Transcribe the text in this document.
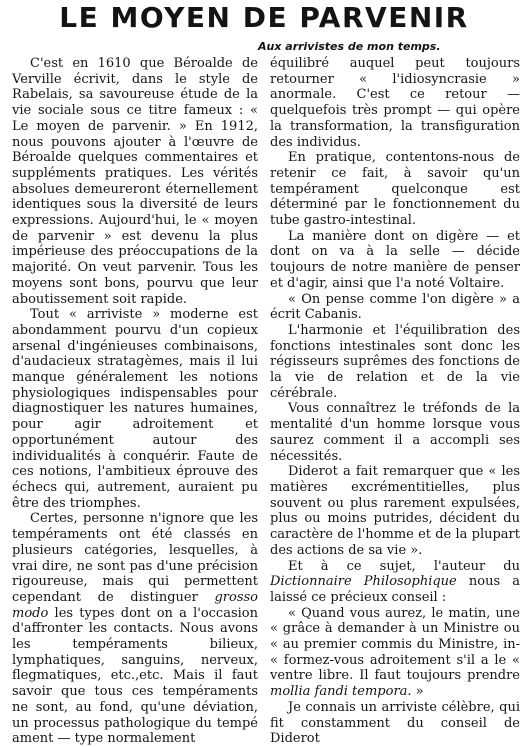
LE MOYEN DE PARVENIR
Aux arrivistes de mon temps.

C'est en 1610 que Béroalde de Verville écrivit, dans le style de Rabelais, sa savoureuse étude de la vie sociale sous ce titre fameux : « Le moyen de parvenir. » En 1912, nous pouvons ajouter à l'œuvre de Béroalde quelques commentaires et suppléments pratiques. Les vérités absolues demeureront éternellement identiques sous la diversité de leurs expressions. Aujourd'hui, le « moyen de parvenir » est devenu la plus impérieuse des préoccupations de la majorité. On veut parvenir. Tous les moyens sont bons, pourvu que leur aboutissement soit rapide.

Tout « arriviste » moderne est abondamment pourvu d'un copieux arsenal d'ingénieuses combinaisons, d'audacieux stratagèmes, mais il lui manque généralement les notions physiologiques indispensables pour diagnostiquer les natures humaines, pour agir adroitement et opportunément autour des individualités à conquérir. Faute de ces notions, l'ambitieux éprouve des échecs qui, autrement, auraient pu être des triomphes.

Certes, personne n'ignore que les tempéraments ont été classés en plusieurs catégories, lesquelles, à vrai dire, ne sont pas d'une précision rigoureuse, mais qui permettent cependant de distinguer grosso modo les types dont on a l'occasion d'affronter les contacts. Nous avons les tempéraments bilieux, lymphatiques, sanguins, nerveux, flegmatiques, etc.,etc. Mais il faut savoir que tous ces tempéraments ne sont, au fond, qu'une déviation, un processus pathologique du tempé ament — type normalement

équilibré auquel peut toujours retourner « l'idiosyncrasie » anormale. C'est ce retour — quelquefois très prompt — qui opère la transformation, la transfiguration des individus.

En pratique, contentons-nous de retenir ce fait, à savoir qu'un tempérament quelconque est déterminé par le fonctionnement du tube gastro-intestinal.

La manière dont on digère — et dont on va à la selle — décide toujours de notre manière de penser et d'agir, ainsi que l'a noté Voltaire.

« On pense comme l'on digère » a écrit Cabanis.

L'harmonie et l'équilibration des fonctions intestinales sont donc les régisseurs suprêmes des fonctions de la vie de relation et de la vie cérébrale.

Vous connaîtrez le tréfonds de la mentalité d'un homme lorsque vous saurez comment il a accompli ses nécessités.

Diderot a fait remarquer que « les matières excrémentitielles, plus souvent ou plus rarement expulsées, plus ou moins putrides, décident du caractère de l'homme et de la plupart des actions de sa vie ».

Et à ce sujet, l'auteur du Dictionnaire Philosophique nous a laissé ce précieux conseil :

« Quand vous aurez, le matin, une « grâce à demander à un Ministre ou « au premier commis du Ministre, in- « formez-vous adroitement s'il a le « ventre libre. Il faut toujours prendre mollia fandi tempora. »

Je connais un arriviste célèbre, qui fit constamment du conseil de Diderot
